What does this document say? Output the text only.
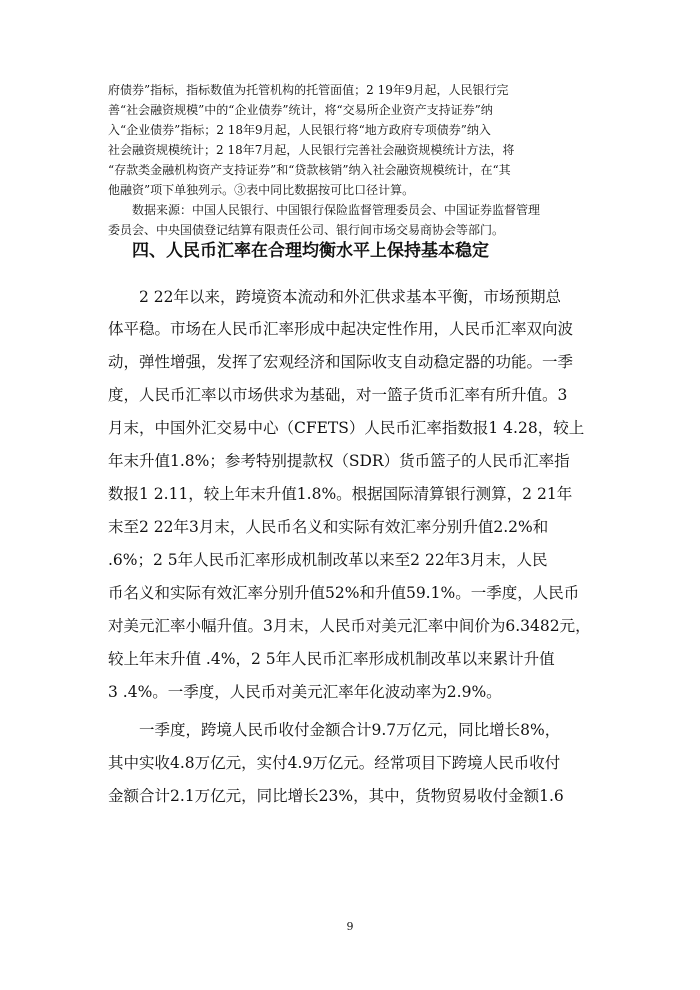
府债券”指标，指标数值为托管机构的托管面值；2 19年9月起，人民银行完

善“社会融资规模”中的“企业债券”统计，将“交易所企业资产支持证券”纳

入“企业债券”指标；2 18年9月起，人民银行将“地方政府专项债券”纳入

社会融资规模统计；2 18年7月起，人民银行完善社会融资规模统计方法，将

“存款类金融机构资产支持证券”和“贷款核销”纳入社会融资规模统计，在“其

他融资”项下单独列示。③表中同比数据按可比口径计算。

数据来源：中国人民银行、中国银行保险监督管理委员会、中国证券监督管理

委员会、中央国债登记结算有限责任公司、银行间市场交易商协会等部门。

四、人民币汇率在合理均衡水平上保持基本稳定

2 22年以来，跨境资本流动和外汇供求基本平衡，市场预期总

体平稳。市场在人民币汇率形成中起决定性作用，人民币汇率双向波

动，弹性增强，发挥了宏观经济和国际收支自动稳定器的功能。一季

度，人民币汇率以市场供求为基础，对一篮子货币汇率有所升值。3

月末，中国外汇交易中心（CFETS）人民币汇率指数报1 4.28，较上

年末升值1.8%；参考特别提款权（SDR）货币篮子的人民币汇率指

数报1 2.11，较上年末升值1.8%。根据国际清算银行测算，2 21年

末至2 22年3月末，人民币名义和实际有效汇率分别升值2.2%和

.6%；2 5年人民币汇率形成机制改革以来至2 22年3月末，人民

币名义和实际有效汇率分别升值52%和升值59.1%。一季度，人民币

对美元汇率小幅升值。3月末，人民币对美元汇率中间价为6.3482元，

较上年末升值 .4%，2 5年人民币汇率形成机制改革以来累计升值

3 .4%。一季度，人民币对美元汇率年化波动率为2.9%。

一季度，跨境人民币收付金额合计9.7万亿元，同比增长8%，

其中实收4.8万亿元，实付4.9万亿元。经常项目下跨境人民币收付

金额合计2.1万亿元，同比增长23%，其中，货物贸易收付金额1.6

9
